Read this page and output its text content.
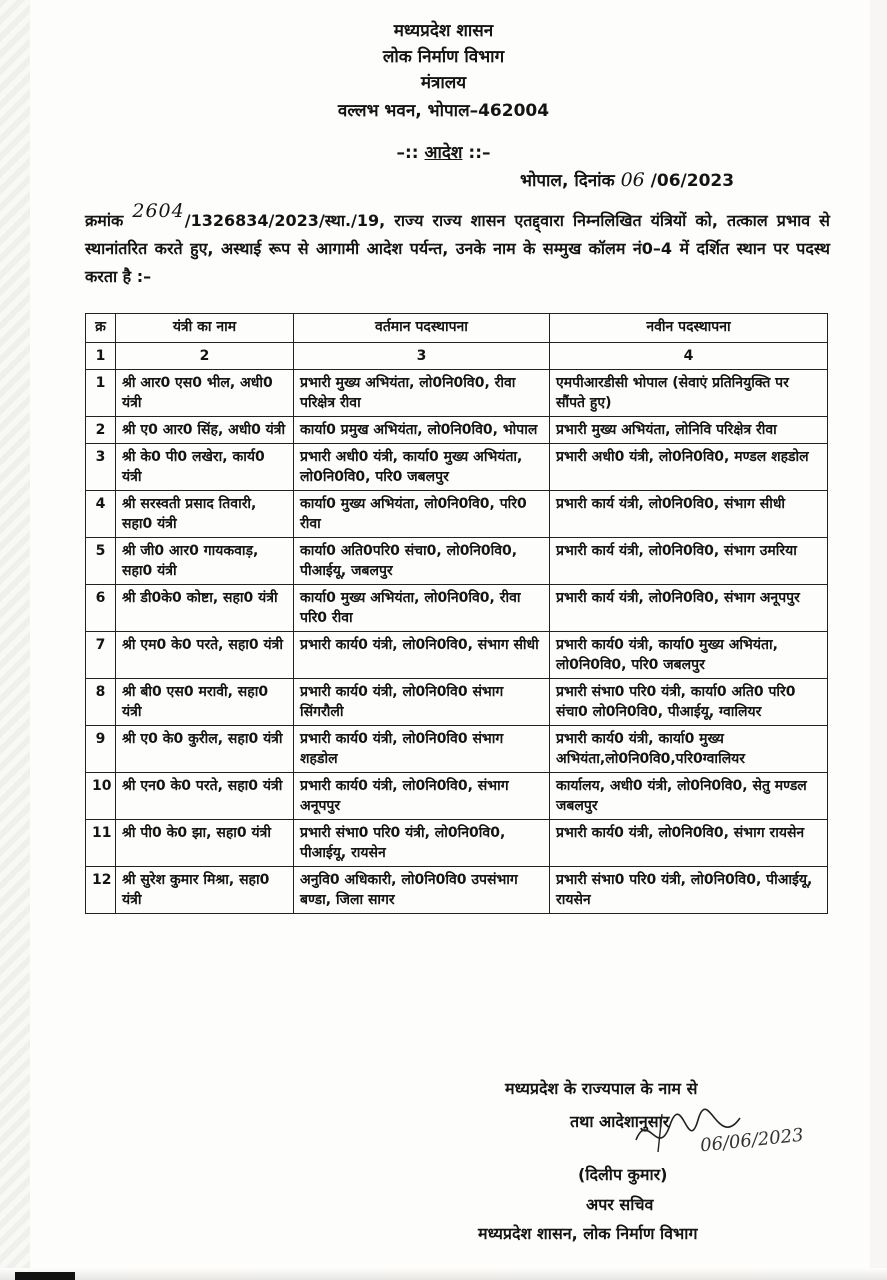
मध्यप्रदेश शासन
लोक निर्माण विभाग
मंत्रालय
वल्लभ भवन, भोपाल–462004
–:: आदेश ::–
भोपाल, दिनांक 06 /06/2023
क्रमांक 2604/1326834/2023/स्था./19, राज्य राज्य शासन एतद्द्वारा निम्नलिखित यंत्रियों को, तत्काल प्रभाव से स्थानांतरित करते हुए, अस्थाई रूप से आगामी आदेश पर्यन्त, उनके नाम के सम्मुख कॉलम नं0–4 में दर्शित स्थान पर पदस्थ करता है :–
क्र	यंत्री का नाम	वर्तमान पदस्थापना	नवीन पदस्थापना
1	2	3	4
1	श्री आर0 एस0 भील, अधी0 यंत्री	प्रभारी मुख्य अभियंता, लो0नि0वि0, रीवा परिक्षेत्र रीवा	एमपीआरडीसी भोपाल (सेवाएं प्रतिनियुक्ति पर सौंपते हुए)
2	श्री ए0 आर0 सिंह, अधी0 यंत्री	कार्या0 प्रमुख अभियंता, लो0नि0वि0, भोपाल	प्रभारी मुख्य अभियंता, लोनिवि परिक्षेत्र रीवा
3	श्री के0 पी0 लखेरा, कार्य0 यंत्री	प्रभारी अधी0 यंत्री, कार्या0 मुख्य अभियंता, लो0नि0वि0, परि0 जबलपुर	प्रभारी अधी0 यंत्री, लो0नि0वि0, मण्डल शहडोल
4	श्री सरस्वती प्रसाद तिवारी, सहा0 यंत्री	कार्या0 मुख्य अभियंता, लो0नि0वि0, परि0 रीवा	प्रभारी कार्य यंत्री, लो0नि0वि0, संभाग सीधी
5	श्री जी0 आर0 गायकवाड़, सहा0 यंत्री	कार्या0 अति0परि0 संचा0, लो0नि0वि0, पीआईयू, जबलपुर	प्रभारी कार्य यंत्री, लो0नि0वि0, संभाग उमरिया
6	श्री डी0के0 कोष्टा, सहा0 यंत्री	कार्या0 मुख्य अभियंता, लो0नि0वि0, रीवा परि0 रीवा	प्रभारी कार्य यंत्री, लो0नि0वि0, संभाग अनूपपुर
7	श्री एम0 के0 परते, सहा0 यंत्री	प्रभारी कार्य0 यंत्री, लो0नि0वि0, संभाग सीधी	प्रभारी कार्य0 यंत्री, कार्या0 मुख्य अभियंता, लो0नि0वि0, परि0 जबलपुर
8	श्री बी0 एस0 मरावी, सहा0 यंत्री	प्रभारी कार्य0 यंत्री, लो0नि0वि0 संभाग सिंगरौली	प्रभारी संभा0 परि0 यंत्री, कार्या0 अति0 परि0 संचा0 लो0नि0वि0, पीआईयू, ग्वालियर
9	श्री ए0 के0 कुरील, सहा0 यंत्री	प्रभारी कार्य0 यंत्री, लो0नि0वि0 संभाग शहडोल	प्रभारी कार्य0 यंत्री, कार्या0 मुख्य अभियंता,लो0नि0वि0,परि0ग्वालियर
10	श्री एन0 के0 परते, सहा0 यंत्री	प्रभारी कार्य0 यंत्री, लो0नि0वि0, संभाग अनूपपुर	कार्यालय, अधी0 यंत्री, लो0नि0वि0, सेतु मण्डल जबलपुर
11	श्री पी0 के0 झा, सहा0 यंत्री	प्रभारी संभा0 परि0 यंत्री, लो0नि0वि0, पीआईयू, रायसेन	प्रभारी कार्य0 यंत्री, लो0नि0वि0, संभाग रायसेन
12	श्री सुरेश कुमार मिश्रा, सहा0 यंत्री	अनुवि0 अधिकारी, लो0नि0वि0 उपसंभाग बण्डा, जिला सागर	प्रभारी संभा0 परि0 यंत्री, लो0नि0वि0, पीआईयू, रायसेन
मध्यप्रदेश के राज्यपाल के नाम से
तथा आदेशानुसार
06/06/2023
(दिलीप कुमार)
अपर सचिव
मध्यप्रदेश शासन, लोक निर्माण विभाग
